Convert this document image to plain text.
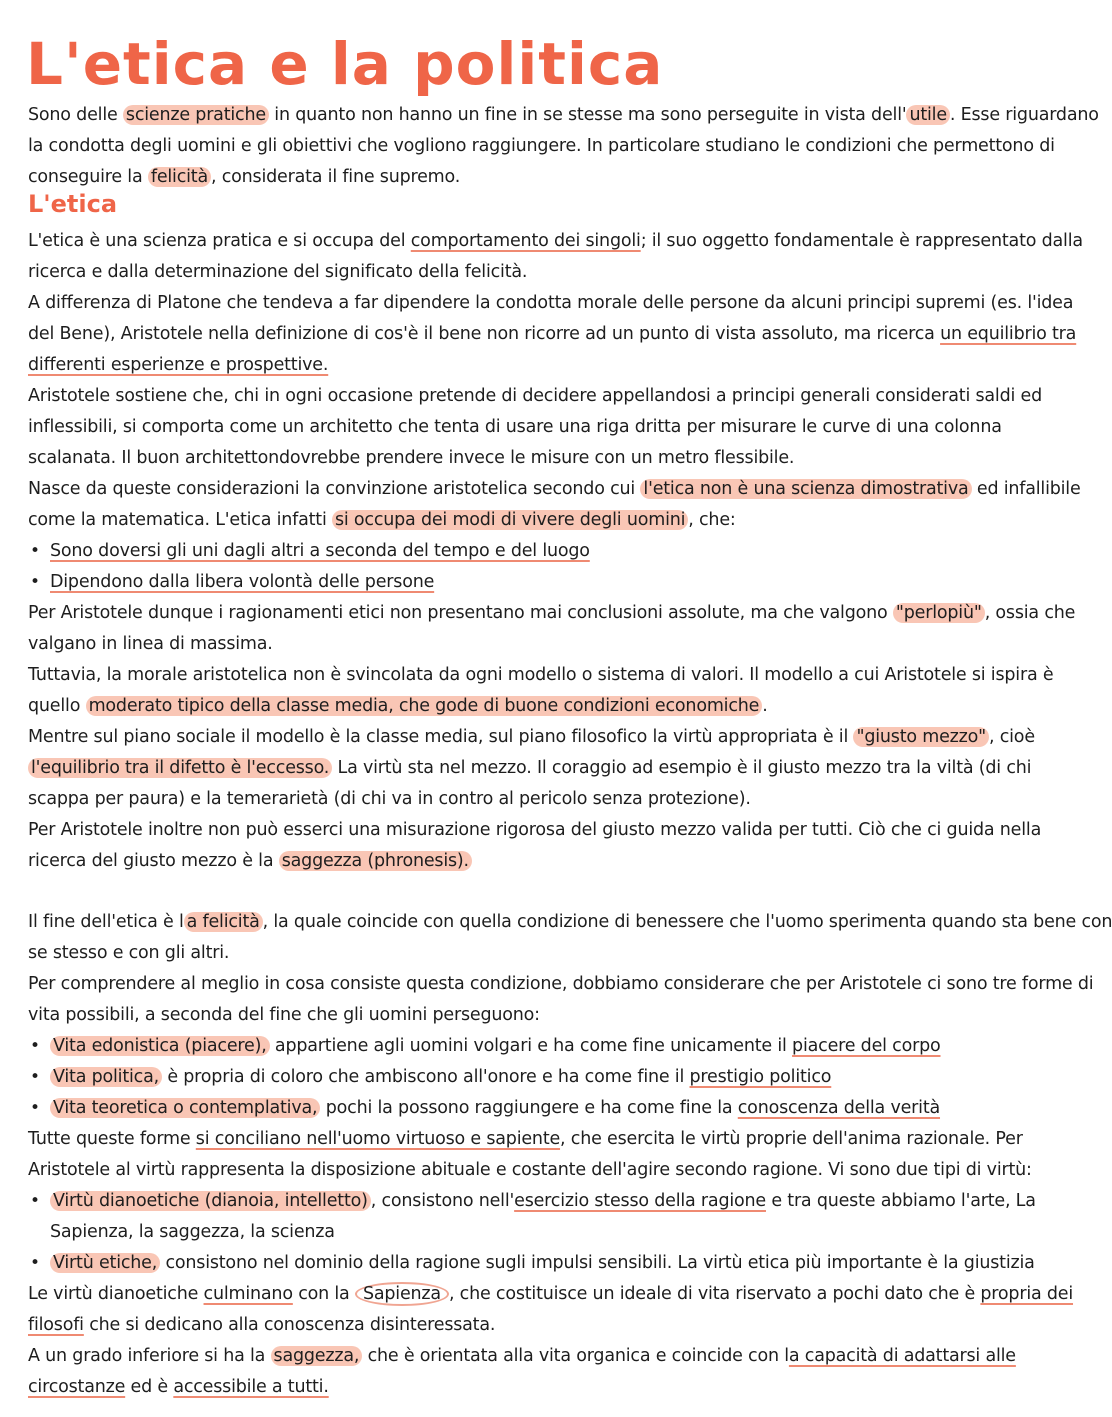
L'etica e la politica
Sono delle scienze pratiche in quanto non hanno un fine in se stesse ma sono perseguite in vista dell' utile . Esse riguardano
la condotta degli uomini e gli obiettivi che vogliono raggiungere. In particolare studiano le condizioni che permettono di
conseguire la felicità , considerata il fine supremo.
L'etica
L'etica è una scienza pratica e si occupa del comportamento dei singoli; il suo oggetto fondamentale è rappresentato dalla
ricerca e dalla determinazione del significato della felicità.
A differenza di Platone che tendeva a far dipendere la condotta morale delle persone da alcuni principi supremi (es. l'idea
del Bene), Aristotele nella definizione di cos'è il bene non ricorre ad un punto di vista assoluto, ma ricerca un equilibrio tra
differenti esperienze e prospettive.
Aristotele sostiene che, chi in ogni occasione pretende di decidere appellandosi a principi generali considerati saldi ed
inflessibili, si comporta come un architetto che tenta di usare una riga dritta per misurare le curve di una colonna
scalanata. Il buon architettondovrebbe prendere invece le misure con un metro flessibile.
Nasce da queste considerazioni la convinzione aristotelica secondo cui l'etica non è una scienza dimostrativa ed infallibile
come la matematica. L'etica infatti si occupa dei modi di vivere degli uomini , che:
• Sono doversi gli uni dagli altri a seconda del tempo e del luogo
• Dipendono dalla libera volontà delle persone
Per Aristotele dunque i ragionamenti etici non presentano mai conclusioni assolute, ma che valgono "perlopiù" , ossia che
valgano in linea di massima.
Tuttavia, la morale aristotelica non è svincolata da ogni modello o sistema di valori. Il modello a cui Aristotele si ispira è
quello moderato tipico della classe media, che gode di buone condizioni economiche .
Mentre sul piano sociale il modello è la classe media, sul piano filosofico la virtù appropriata è il "giusto mezzo" , cioè
l'equilibrio tra il difetto è l'eccesso. La virtù sta nel mezzo. Il coraggio ad esempio è il giusto mezzo tra la viltà (di chi
scappa per paura) e la temerarietà (di chi va in contro al pericolo senza protezione).
Per Aristotele inoltre non può esserci una misurazione rigorosa del giusto mezzo valida per tutti. Ciò che ci guida nella
ricerca del giusto mezzo è la saggezza (phronesis).
Il fine dell'etica è l a felicità , la quale coincide con quella condizione di benessere che l'uomo sperimenta quando sta bene con
se stesso e con gli altri.
Per comprendere al meglio in cosa consiste questa condizione, dobbiamo considerare che per Aristotele ci sono tre forme di
vita possibili, a seconda del fine che gli uomini perseguono:
• Vita edonistica (piacere), appartiene agli uomini volgari e ha come fine unicamente il piacere del corpo
• Vita politica, è propria di coloro che ambiscono all'onore e ha come fine il prestigio politico
• Vita teoretica o contemplativa, pochi la possono raggiungere e ha come fine la conoscenza della verità
Tutte queste forme si conciliano nell'uomo virtuoso e sapiente, che esercita le virtù proprie dell'anima razionale. Per
Aristotele al virtù rappresenta la disposizione abituale e costante dell'agire secondo ragione. Vi sono due tipi di virtù:
• Virtù dianoetiche (dianoia, intelletto) , consistono nell'esercizio stesso della ragione e tra queste abbiamo l'arte, La
Sapienza, la saggezza, la scienza
• Virtù etiche, consistono nel dominio della ragione sugli impulsi sensibili. La virtù etica più importante è la giustizia
Le virtù dianoetiche culminano con la Sapienza , che costituisce un ideale di vita riservato a pochi dato che è propria dei
filosofi che si dedicano alla conoscenza disinteressata.
A un grado inferiore si ha la saggezza, che è orientata alla vita organica e coincide con la capacità di adattarsi alle
circostanze ed è accessibile a tutti.
